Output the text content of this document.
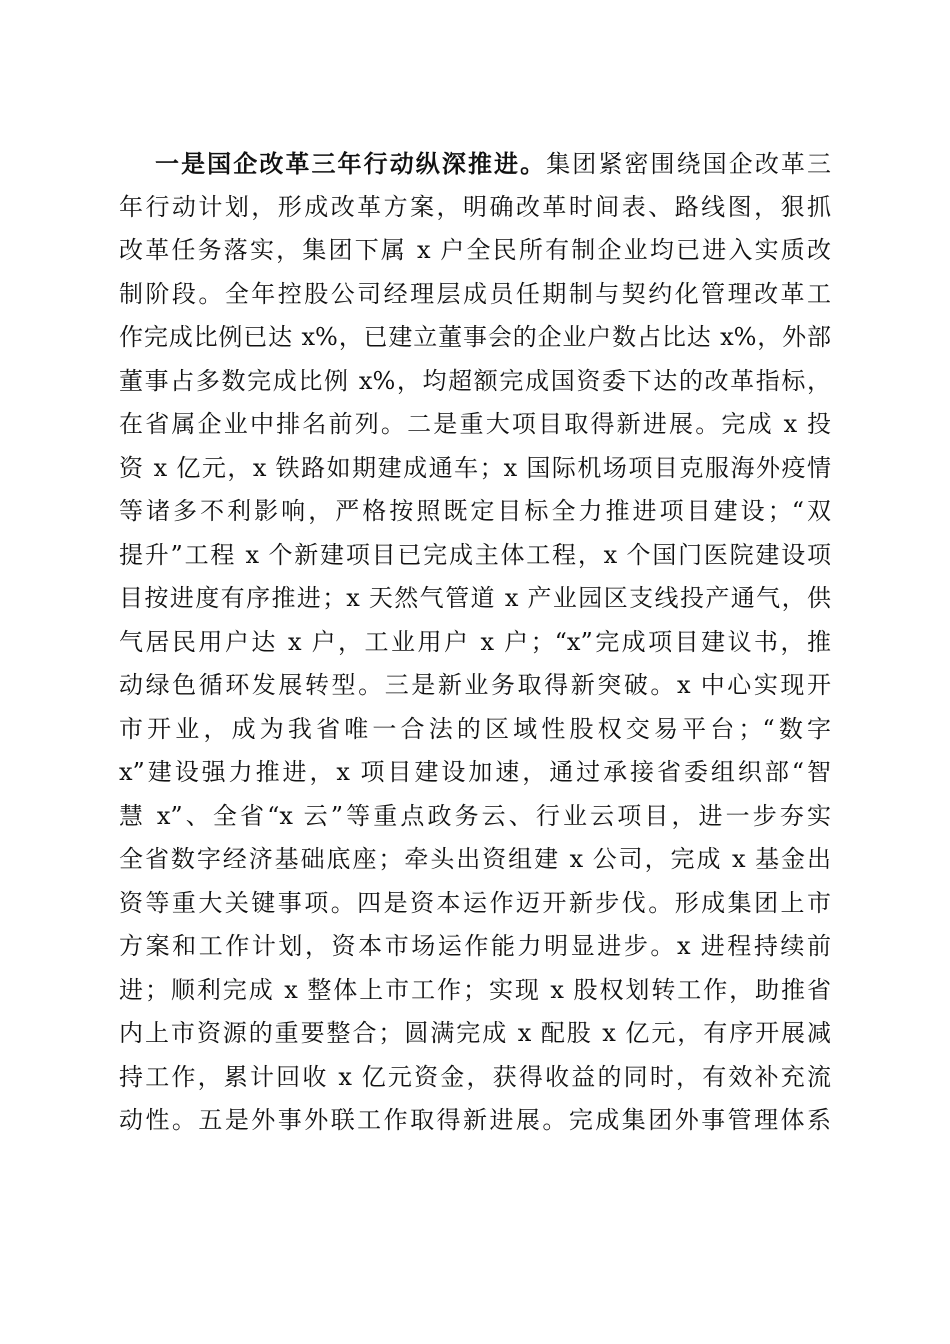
一是国企改革三年行动纵深推进。集团紧密围绕国企改革三
年行动计划，形成改革方案，明确改革时间表、路线图，狠抓
改革任务落实，集团下属 x 户全民所有制企业均已进入实质改
制阶段。全年控股公司经理层成员任期制与契约化管理改革工
作完成比例已达 x%，已建立董事会的企业户数占比达 x%，外部
董事占多数完成比例 x%，均超额完成国资委下达的改革指标，
在省属企业中排名前列。二是重大项目取得新进展。完成 x 投
资 x 亿元，x 铁路如期建成通车；x 国际机场项目克服海外疫情
等诸多不利影响，严格按照既定目标全力推进项目建设；“双
提升”工程 x 个新建项目已完成主体工程，x 个国门医院建设项
目按进度有序推进；x 天然气管道 x 产业园区支线投产通气，供
气居民用户达 x 户，工业用户 x 户；“x”完成项目建议书，推
动绿色循环发展转型。三是新业务取得新突破。x 中心实现开
市开业，成为我省唯一合法的区域性股权交易平台；“数字
x”建设强力推进，x 项目建设加速，通过承接省委组织部“智
慧 x”、全省“x 云”等重点政务云、行业云项目，进一步夯实
全省数字经济基础底座；牵头出资组建 x 公司，完成 x 基金出
资等重大关键事项。四是资本运作迈开新步伐。形成集团上市
方案和工作计划，资本市场运作能力明显进步。x 进程持续前
进；顺利完成 x 整体上市工作；实现 x 股权划转工作，助推省
内上市资源的重要整合；圆满完成 x 配股 x 亿元，有序开展减
持工作，累计回收 x 亿元资金，获得收益的同时，有效补充流
动性。五是外事外联工作取得新进展。完成集团外事管理体系
